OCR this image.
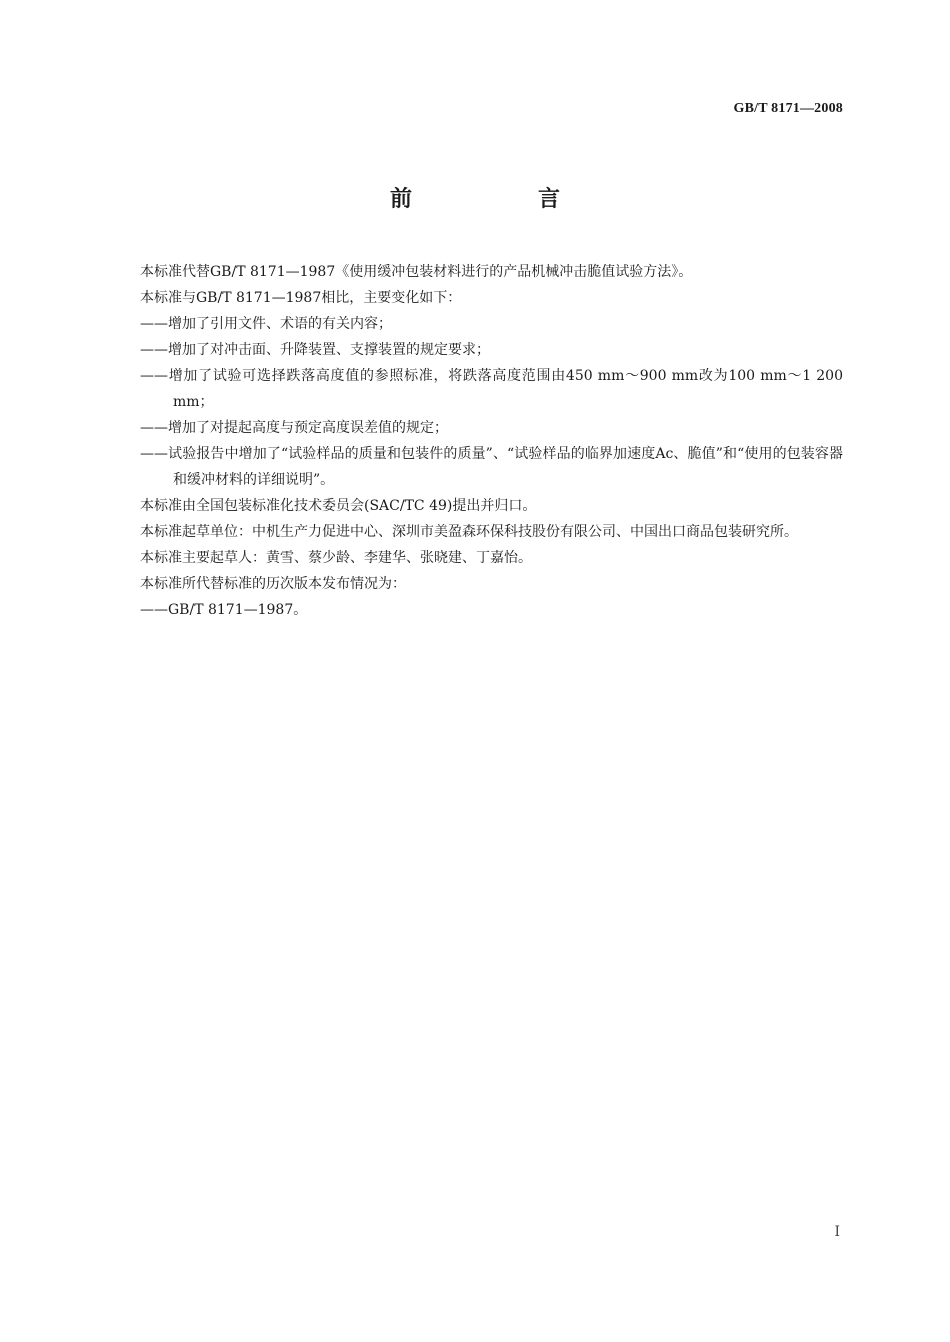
GB/T 8171—2008
前　言

本标准代替GB/T 8171—1987《使用缓冲包装材料进行的产品机械冲击脆值试验方法》。

本标准与GB/T 8171—1987相比，主要变化如下：

——增加了引用文件、术语的有关内容；

——增加了对冲击面、升降装置、支撑装置的规定要求；

——增加了试验可选择跌落高度值的参照标准，将跌落高度范围由450 mm～900 mm改为100 mm～1 200 mm；

——增加了对提起高度与预定高度误差值的规定；

——试验报告中增加了“试验样品的质量和包装件的质量”、“试验样品的临界加速度Ac、脆值”和“使用的包装容器和缓冲材料的详细说明”。

本标准由全国包装标准化技术委员会(SAC/TC 49)提出并归口。

本标准起草单位：中机生产力促进中心、深圳市美盈森环保科技股份有限公司、中国出口商品包装研究所。

本标准主要起草人：黄雪、蔡少龄、李建华、张晓建、丁嘉怡。

本标准所代替标准的历次版本发布情况为：

——GB/T 8171—1987。

I
